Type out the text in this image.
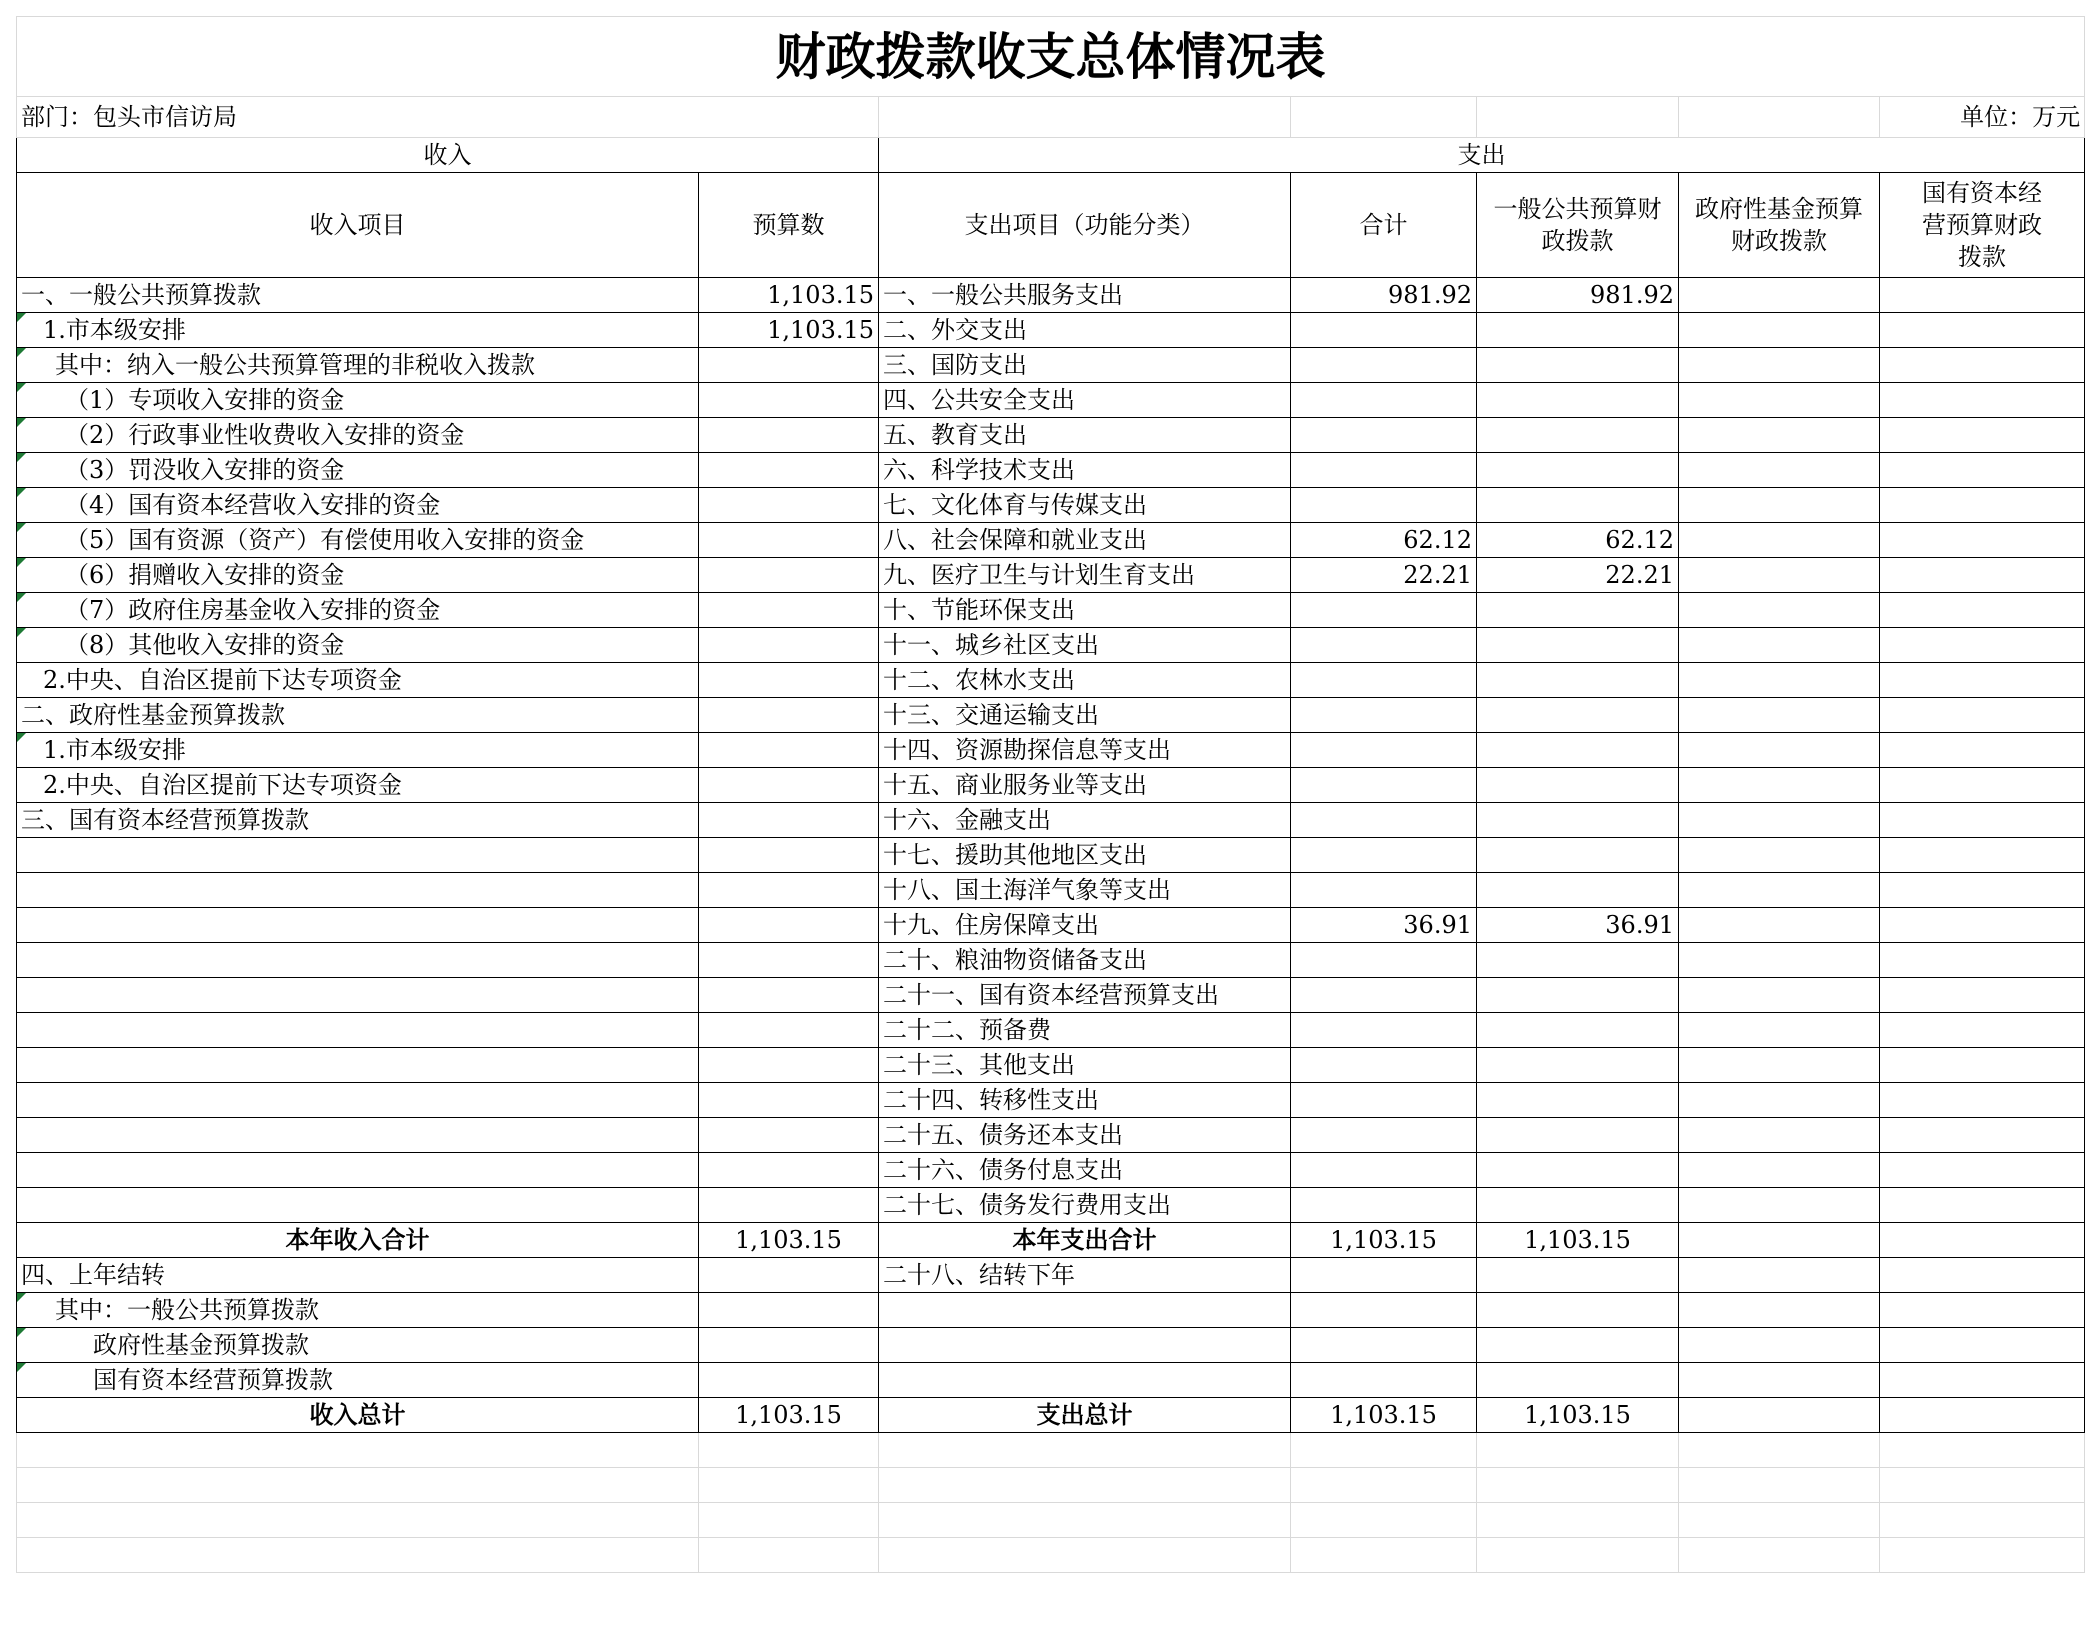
财政拨款收支总体情况表						
部门：包头市信访局						单位：万元
收入		支出				
收入项目	预算数	支出项目（功能分类）	合计	一般公共预算财政拨款	政府性基金预算财政拨款	国有资本经营预算财政拨款
一、一般公共预算拨款	1,103.15	一、一般公共服务支出	981.92	981.92		
1.市本级安排	1,103.15	二、外交支出				
其中：纳入一般公共预算管理的非税收入拨款		三、国防支出				
（1）专项收入安排的资金		四、公共安全支出				
（2）行政事业性收费收入安排的资金		五、教育支出				
（3）罚没收入安排的资金		六、科学技术支出				
（4）国有资本经营收入安排的资金		七、文化体育与传媒支出				
（5）国有资源（资产）有偿使用收入安排的资金		八、社会保障和就业支出	62.12	62.12		
（6）捐赠收入安排的资金		九、医疗卫生与计划生育支出	22.21	22.21		
（7）政府住房基金收入安排的资金		十、节能环保支出				
（8）其他收入安排的资金		十一、城乡社区支出				
2.中央、自治区提前下达专项资金		十二、农林水支出				
二、政府性基金预算拨款		十三、交通运输支出				
1.市本级安排		十四、资源勘探信息等支出				
2.中央、自治区提前下达专项资金		十五、商业服务业等支出				
三、国有资本经营预算拨款		十六、金融支出				
		十七、援助其他地区支出				
		十八、国土海洋气象等支出				
		十九、住房保障支出	36.91	36.91		
		二十、粮油物资储备支出				
		二十一、国有资本经营预算支出				
		二十二、预备费				
		二十三、其他支出				
		二十四、转移性支出				
		二十五、债务还本支出				
		二十六、债务付息支出				
		二十七、债务发行费用支出				
本年收入合计	1,103.15	本年支出合计	1,103.15	1,103.15		
四、上年结转		二十八、结转下年				
其中：一般公共预算拨款						
政府性基金预算拨款						
国有资本经营预算拨款						
收入总计	1,103.15	支出总计	1,103.15	1,103.15		
